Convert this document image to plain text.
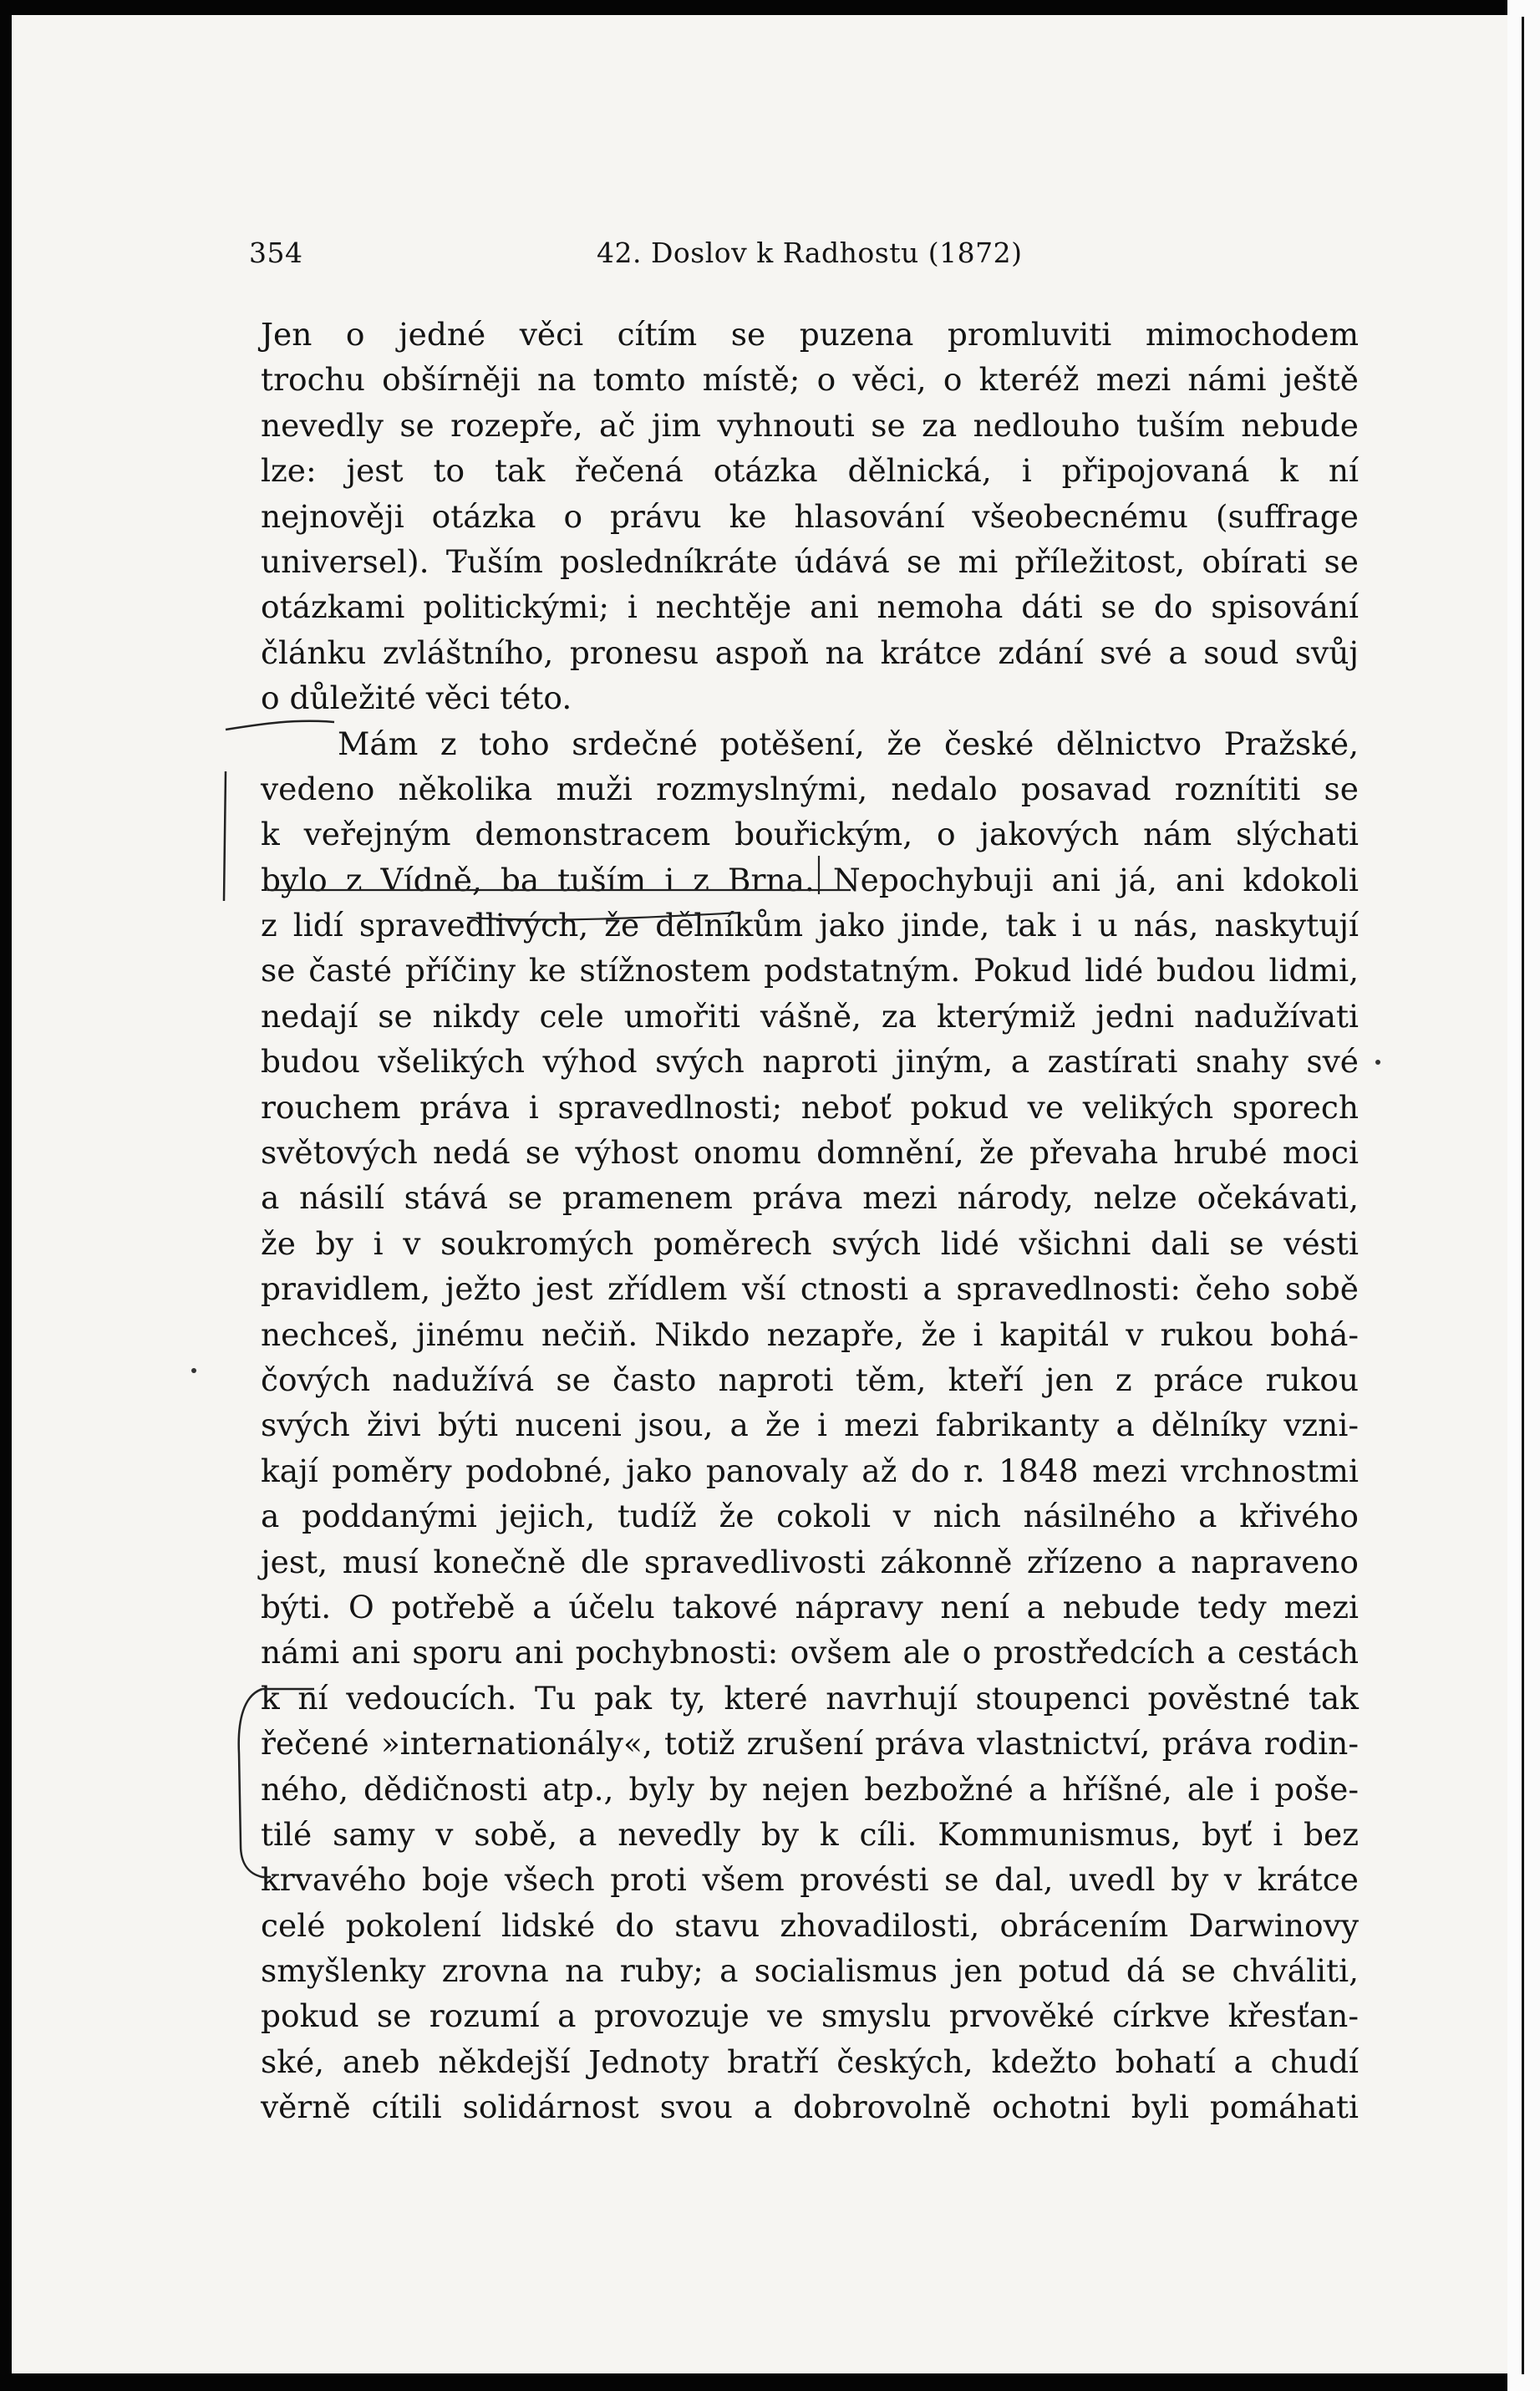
354	42. Doslov k Radhostu (1872)
Jen o jedné věci cítím se puzena promluviti mimochodem
trochu obšírněji na tomto místě; o věci, o kteréž mezi námi ještě
nevedly se rozepře, ač jim vyhnouti se za nedlouho tuším nebude
lze: jest to tak řečená otázka dělnická, i připojovaná k ní
nejnověji otázka o právu ke hlasování všeobecnému (suffrage
universel). Tuším posledníkráte údává se mi příležitost, obírati se
otázkami politickými; i nechtěje ani nemoha dáti se do spisování
článku zvláštního, pronesu aspoň na krátce zdání své a soud svůj
o důležité věci této.
Mám z toho srdečné potěšení, že české dělnictvo Pražské,
vedeno několika muži rozmyslnými, nedalo posavad roznítiti se
k veřejným demonstracem bouřickým, o jakových nám slýchati
bylo z Vídně, ba tuším i z Brna. Nepochybuji ani já, ani kdokoli
z lidí spravedlivých, že dělníkům jako jinde, tak i u nás, naskytují
se časté příčiny ke stížnostem podstatným. Pokud lidé budou lidmi,
nedají se nikdy cele umořiti vášně, za kterýmiž jedni nadužívati
budou všelikých výhod svých naproti jiným, a zastírati snahy své
rouchem práva i spravedlnosti; neboť pokud ve velikých sporech
světových nedá se výhost onomu domnění, že převaha hrubé moci
a násilí stává se pramenem práva mezi národy, nelze očekávati,
že by i v soukromých poměrech svých lidé všichni dali se vésti
pravidlem, ježto jest zřídlem vší ctnosti a spravedlnosti: čeho sobě
nechceš, jinému nečiň. Nikdo nezapře, že i kapitál v rukou bohá-
čových nadužívá se často naproti těm, kteří jen z práce rukou
svých živi býti nuceni jsou, a že i mezi fabrikanty a dělníky vzni-
kají poměry podobné, jako panovaly až do r. 1848 mezi vrchnostmi
a poddanými jejich, tudíž že cokoli v nich násilného a křivého
jest, musí konečně dle spravedlivosti zákonně zřízeno a napraveno
býti. O potřebě a účelu takové nápravy není a nebude tedy mezi
námi ani sporu ani pochybnosti: ovšem ale o prostředcích a cestách
k ní vedoucích. Tu pak ty, které navrhují stoupenci pověstné tak
řečené »internationály«, totiž zrušení práva vlastnictví, práva rodin-
ného, dědičnosti atp., byly by nejen bezbožné a hříšné, ale i poše-
tilé samy v sobě, a nevedly by k cíli. Kommunismus, byť i bez
krvavého boje všech proti všem provésti se dal, uvedl by v krátce
celé pokolení lidské do stavu zhovadilosti, obrácením Darwinovy
smyšlenky zrovna na ruby; a socialismus jen potud dá se chváliti,
pokud se rozumí a provozuje ve smyslu prvověké církve křesťan-
ské, aneb někdejší Jednoty bratří českých, kdežto bohatí a chudí
věrně cítili solidárnost svou a dobrovolně ochotni byli pomáhati
